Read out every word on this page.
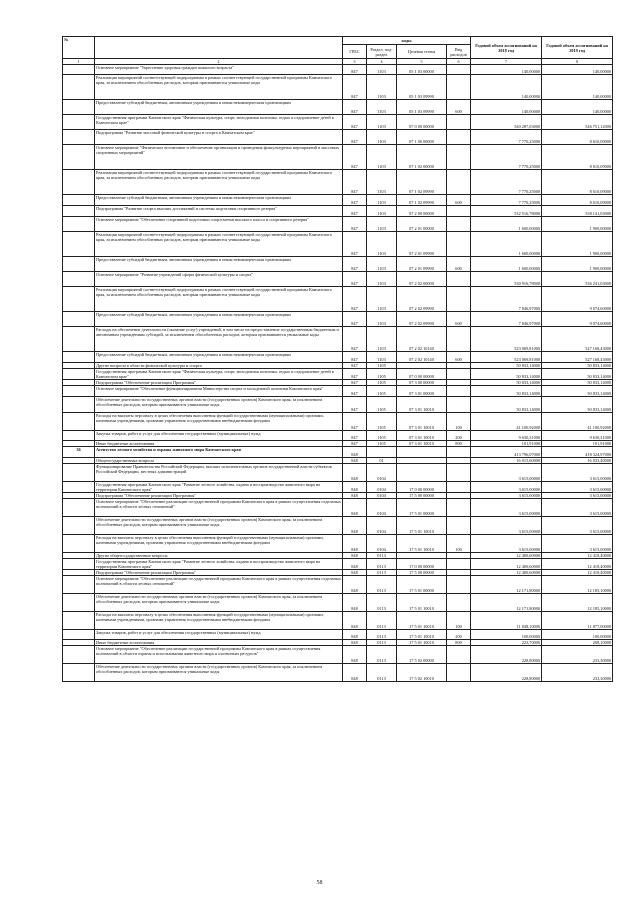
№		коды				Годовой объем ассигнований на 2018 год	Годовой объем ассигнований на 2019 год
		ГРБС	Раздел, под-раздел	Целевая статья	Вид расходов		
1	2	3	4	5	6	7	8
	Основное мероприятие "Укрепление здоровья граждан пожилого возраста"	847	1103	05 1 03 00000		140,00000	140,00000
	Реализация мероприятий соответствующей подпрограммы в рамках соответствующей государственной программы Камчатского края, за исключением обособленных расходов, которым присваиваются уникальные коды	847	1103	05 1 03 09990		140,00000	140,00000
	Предоставление субсидий бюджетным, автономным учреждениям и иным некоммерческим организациям	847	1103	05 1 03 09990	600	140,00000	140,00000
	Государственная программа Камчатского края "Физическая культура, спорт, молодежная политика, отдых и оздоровление детей в Камчатском крае"	847	1103	07 0 00 00000		540 287,03000	546 751,12000
	Подпрограмма "Развитие массовой физической культуры и спорта в Камчатском крае"	847	1103	07 1 00 00000		7 770,25000	8 610,09000
	Основное мероприятие "Физическое воспитание и обеспечение организации и проведения физкультурных мероприятий и массовых спортивных мероприятий"	847	1103	07 1 02 00000		7 770,25000	8 610,09000
	Реализация мероприятий соответствующей подпрограммы в рамках соответствующей государственной программы Камчатского края, за исключением обособленных расходов, которым присваиваются уникальные коды	847	1103	07 1 02 09990		7 770,25000	8 610,09000
	Предоставление субсидий бюджетным, автономным учреждениям и иным некоммерческим организациям	847	1103	07 1 02 09990	600	7 770,25000	8 610,09000
	Подпрограмма "Развитие спорта высших достижений и системы подготовки спортивного резерва"	847	1103	07 2 00 00000		532 516,78000	538 141,03000
	Основное мероприятие "Обеспечение спортивной подготовки спортсменов высокого класса и спортивного резерва"	847	1103	07 2 01 00000		1 600,00000	1 900,00000
	Реализация мероприятий соответствующей подпрограммы в рамках соответствующей государственной программы Камчатского края, за исключением обособленных расходов, которым присваиваются уникальные коды	847	1103	07 2 01 09990		1 600,00000	1 900,00000
	Предоставление субсидий бюджетным, автономным учреждениям и иным некоммерческим организациям	847	1103	07 2 01 09990	600	1 600,00000	1 900,00000
	Основное мероприятие "Развитие учреждений сферы физической культуры и спорта"	847	1103	07 2 02 00000		530 916,78000	536 241,03000
	Реализация мероприятий соответствующей подпрограммы в рамках соответствующей государственной программы Камчатского края, за исключением обособленных расходов, которым присваиваются уникальные коды	847	1103	07 2 02 09990		7 846,97000	9 074,60000
	Предоставление субсидий бюджетным, автономным учреждениям и иным некоммерческим организациям	847	1103	07 2 02 09990	600	7 846,97000	9 074,60000
	Расходы на обеспечение деятельности (оказание услуг) учреждений, в том числе на предоставление государственным бюджетным и автономным учреждениям субсидий, за исключением обособленных расходов, которым присваиваются уникальные коды	847	1103	07 2 02 10140		523 069,81000	527 168,43000
	Предоставление субсидий бюджетным, автономным учреждениям и иным некоммерческим организациям	847	1103	07 2 02 10140	600	523 069,81000	527 168,43000
	Другие вопросы в области физической культуры и спорта	847	1105			50 833,14000	50 833,14000
	Государственная программа Камчатского края "Физическая культура, спорт, молодежная политика, отдых и оздоровление детей в Камчатском крае"	847	1105	07 0 00 00000		50 833,14000	50 833,14000
	Подпрограмма "Обеспечение реализации Программы"	847	1105	07 3 00 00000		50 833,14000	50 833,14000
	Основное мероприятие "Обеспечение функционирования Министерства спорта и молодежной политики Камчатского края"	847	1105	07 3 01 00000		50 833,14000	50 833,14000
	Обеспечение деятельности государственных органов власти (государственных органов) Камчатского края, за исключением обособленных расходов, которым присваиваются уникальные коды	847	1105	07 3 01 10010		50 833,14000	50 833,14000
	Расходы на выплаты персоналу в целях обеспечения выполнения функций государственными (муниципальными) органами, казенными учреждениями, органами управления государственными внебюджетными фондами	847	1105	07 3 01 10010	100	41 100,92000	41 100,92000
	Закупка товаров, работ и услуг для обеспечения государственных (муниципальных) нужд	847	1105	07 3 01 10010	200	9 630,31000	9 630,31000
	Иные бюджетные ассигнования	847	1105	07 3 01 10010	800	101,91000	101,91000
36	Агентство лесного хозяйства и охраны животного мира Камчатского края	848				413 796,07000	418 324,97000
	Общегосударственные вопросы	848	01			16 015,60000	16 033,40000
	Функционирование Правительства Российской Федерации, высших исполнительных органов государственной власти субъектов Российской Федерации, местных администраций	848	0104			3 615,00000	3 615,00000
	Государственная программа Камчатского края "Развитие лесного хозяйства, охрана и воспроизводство животного мира на территории Камчатского края"	848	0104	17 0 00 00000		3 615,00000	3 615,00000
	Подпрограмма "Обеспечение реализации Программы"	848	0104	17 5 00 00000		3 615,00000	3 615,00000
	Основное мероприятие "Обеспечение реализации государственной программы Камчатского края в рамках осуществления отдельных полномочий в области лесных отношений"	848	0104	17 5 01 00000		3 615,00000	3 615,00000
	Обеспечение деятельности государственных органов власти (государственных органов) Камчатского края, за исключением обособленных расходов, которым присваиваются уникальные коды	848	0104	17 5 01 10010		3 615,00000	3 615,00000
	Расходы на выплаты персоналу в целях обеспечения выполнения функций государственными (муниципальными) органами, казенными учреждениями, органами управления государственными внебюджетными фондами	848	0104	17 5 01 10010	100	3 615,00000	3 615,00000
	Другие общегосударственные вопросы	848	0113			12 400,60000	12 418,40000
	Государственная программа Камчатского края "Развитие лесного хозяйства, охрана и воспроизводство животного мира на территории Камчатского края"	848	0113	17 0 00 00000		12 400,60000	12 418,40000
	Подпрограмма "Обеспечение реализации Программы"	848	0113	17 5 00 00000		12 400,60000	12 418,40000
	Основное мероприятие "Обеспечение реализации государственной программы Камчатского края в рамках осуществления отдельных полномочий в области лесных отношений"	848	0113	17 5 01 00000		12 171,80000	12 185,10000
	Обеспечение деятельности государственных органов власти (государственных органов) Камчатского края, за исключением обособленных расходов, которым присваиваются уникальные коды	848	0113	17 5 01 10010		12 171,80000	12 185,10000
	Расходы на выплаты персоналу в целях обеспечения выполнения функций государственными (муниципальными) органами, казенными учреждениями, органами управления государственными внебюджетными фондами	848	0113	17 5 01 10010	100	11 848,10000	11 877,00000
	Закупка товаров, работ и услуг для обеспечения государственных (муниципальных) нужд	848	0113	17 5 01 10010	200	100,00000	100,00000
	Иные бюджетные ассигнования	848	0113	17 5 01 10010	800	223,70000	208,10000
	Основное мероприятие "Обеспечение реализации государственной программы Камчатского края в рамках осуществления полномочий в области охраны и использования животного мира и охотничьих ресурсов"	848	0113	17 5 02 00000		228,80000	233,30000
	Обеспечение деятельности государственных органов власти (государственных органов) Камчатского края, за исключением обособленных расходов, которым присваиваются уникальные коды	848	0113	17 5 02 10010		228,80000	233,30000
58
